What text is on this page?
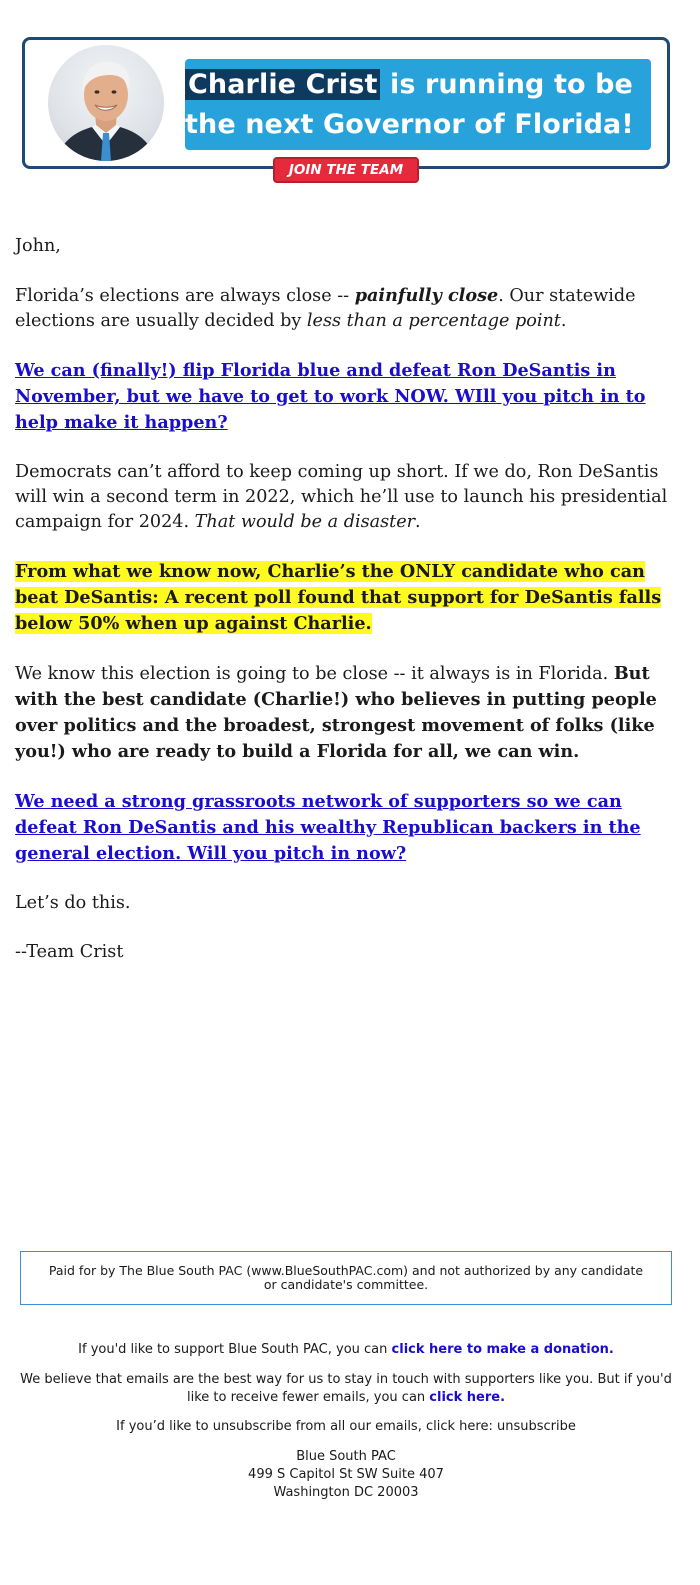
Charlie Crist is running to be
the next Governor of Florida!
JOIN THE TEAM

John,

Florida’s elections are always close -- painfully close. Our statewide elections are usually decided by less than a percentage point.

We can (finally!) flip Florida blue and defeat Ron DeSantis in November, but we have to get to work NOW. WIll you pitch in to help make it happen?

Democrats can’t afford to keep coming up short. If we do, Ron DeSantis will win a second term in 2022, which he’ll use to launch his presidential campaign for 2024. That would be a disaster.

From what we know now, Charlie’s the ONLY candidate who can beat DeSantis: A recent poll found that support for DeSantis falls below 50% when up against Charlie.

We know this election is going to be close -- it always is in Florida. But with the best candidate (Charlie!) who believes in putting people over politics and the broadest, strongest movement of folks (like you!) who are ready to build a Florida for all, we can win.

We need a strong grassroots network of supporters so we can defeat Ron DeSantis and his wealthy Republican backers in the general election. Will you pitch in now?

Let’s do this.

--Team Crist

Paid for by The Blue South PAC (www.BlueSouthPAC.com) and not authorized by any candidate or candidate's committee.
If you'd like to support Blue South PAC, you can click here to make a donation.
We believe that emails are the best way for us to stay in touch with supporters like you. But if you'd like to receive fewer emails, you can click here.
If you’d like to unsubscribe from all our emails, click here: unsubscribe
Blue South PAC
499 S Capitol St SW Suite 407
Washington DC 20003
